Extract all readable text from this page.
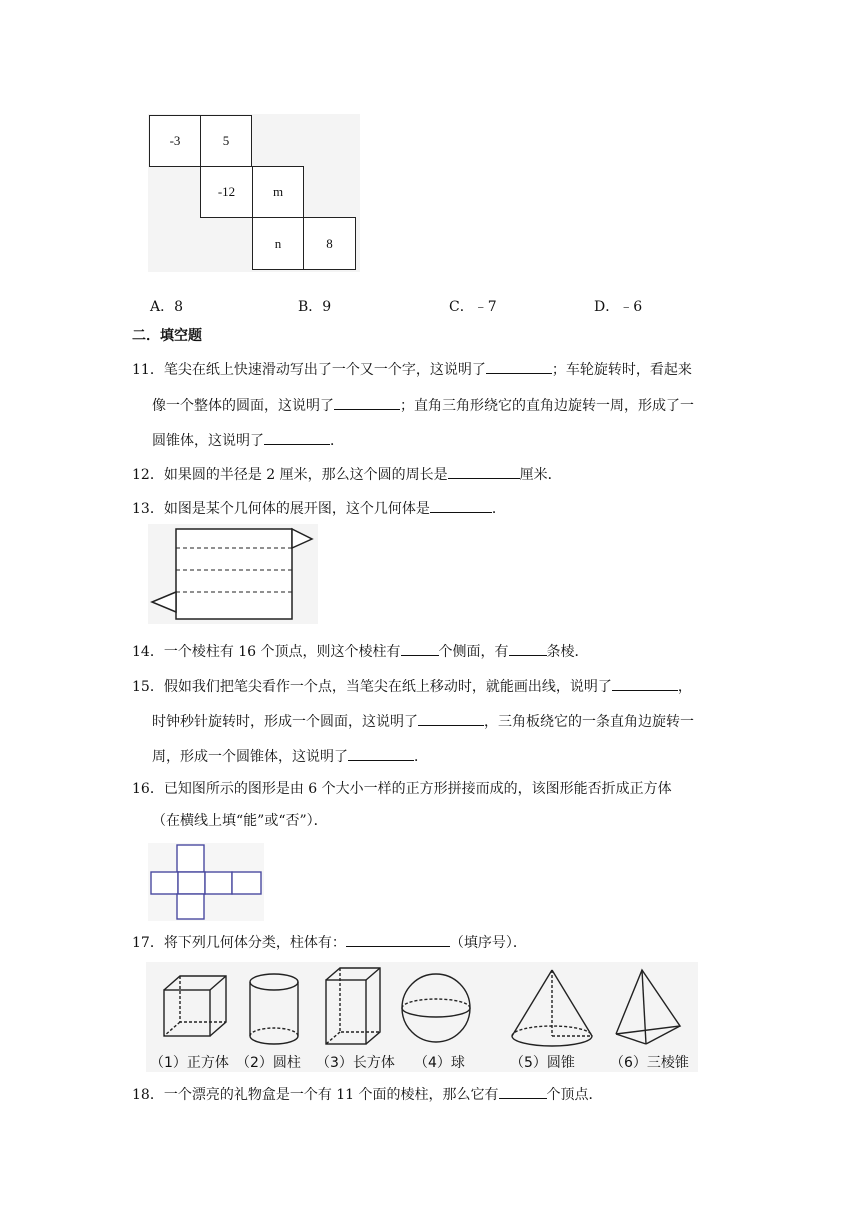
-3	5
-12	m
n	8
A．8	B．9	C．﹣7	D．﹣6
二．填空题
11．笔尖在纸上快速滑动写出了一个又一个字，这说明了	；车轮旋转时，看起来
像一个整体的圆面，这说明了	；直角三角形绕它的直角边旋转一周，形成了一
圆锥体，这说明了	．
12．如果圆的半径是 2 厘米，那么这个圆的周长是	厘米．
13．如图是某个几何体的展开图，这个几何体是	．
14．一个棱柱有 16 个顶点，则这个棱柱有	个侧面，有	条棱．
15．假如我们把笔尖看作一个点，当笔尖在纸上移动时，就能画出线，说明了	，
时钟秒针旋转时，形成一个圆面，这说明了	，三角板绕它的一条直角边旋转一
周，形成一个圆锥体，这说明了	．
16．已知图所示的图形是由 6 个大小一样的正方形拼接而成的，该图形能否折成正方体
（在横线上填“能”或“否”）．
17．将下列几何体分类，柱体有：	（填序号）．
（1）正方体 （2）圆柱 （3）长方体 （4）球	（5）圆锥	（6）三棱锥
18．一个漂亮的礼物盒是一个有 11 个面的棱柱，那么它有	个顶点．
